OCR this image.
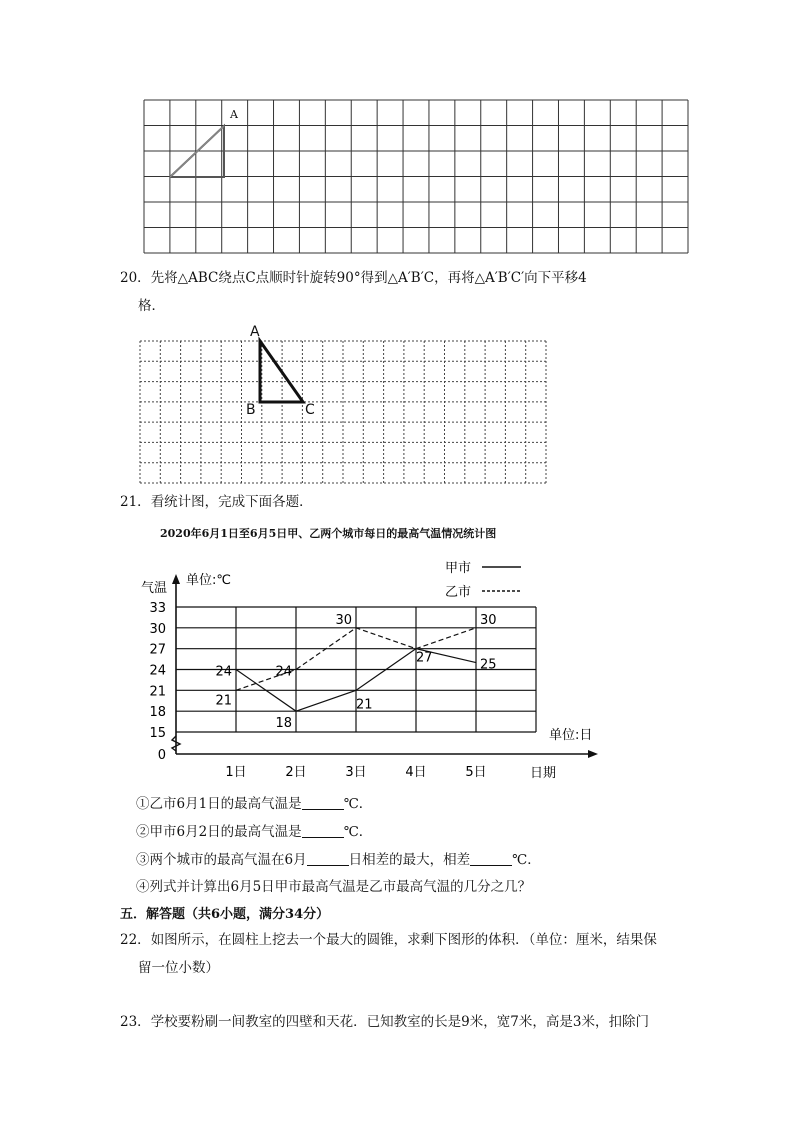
A
20．先将△ABC绕点C点顺时针旋转90°得到△A′B′C，再将△A′B′C′向下平移4
格．
A
B	C
21．看统计图，完成下面各题．
2020年6月1日至6月5日甲、乙两个城市每日的最高气温情况统计图
0
15
18
21
24
27
30
33
气温
单位:℃
1日	2日	3日	4日	5日	日期
单位:日
甲市
乙市
24
18
21
27	25
21
24
30	30
①乙市6月1日的最高气温是	℃．
②甲市6月2日的最高气温是	℃．
③两个城市的最高气温在6月	日相差的最大，相差	℃．
④列式并计算出6月5日甲市最高气温是乙市最高气温的几分之几？
五．解答题（共6小题，满分34分）
22．如图所示，在圆柱上挖去一个最大的圆锥，求剩下图形的体积．（单位：厘米，结果保
留一位小数）
23．学校要粉刷一间教室的四壁和天花．已知教室的长是9米，宽7米，高是3米，扣除门
